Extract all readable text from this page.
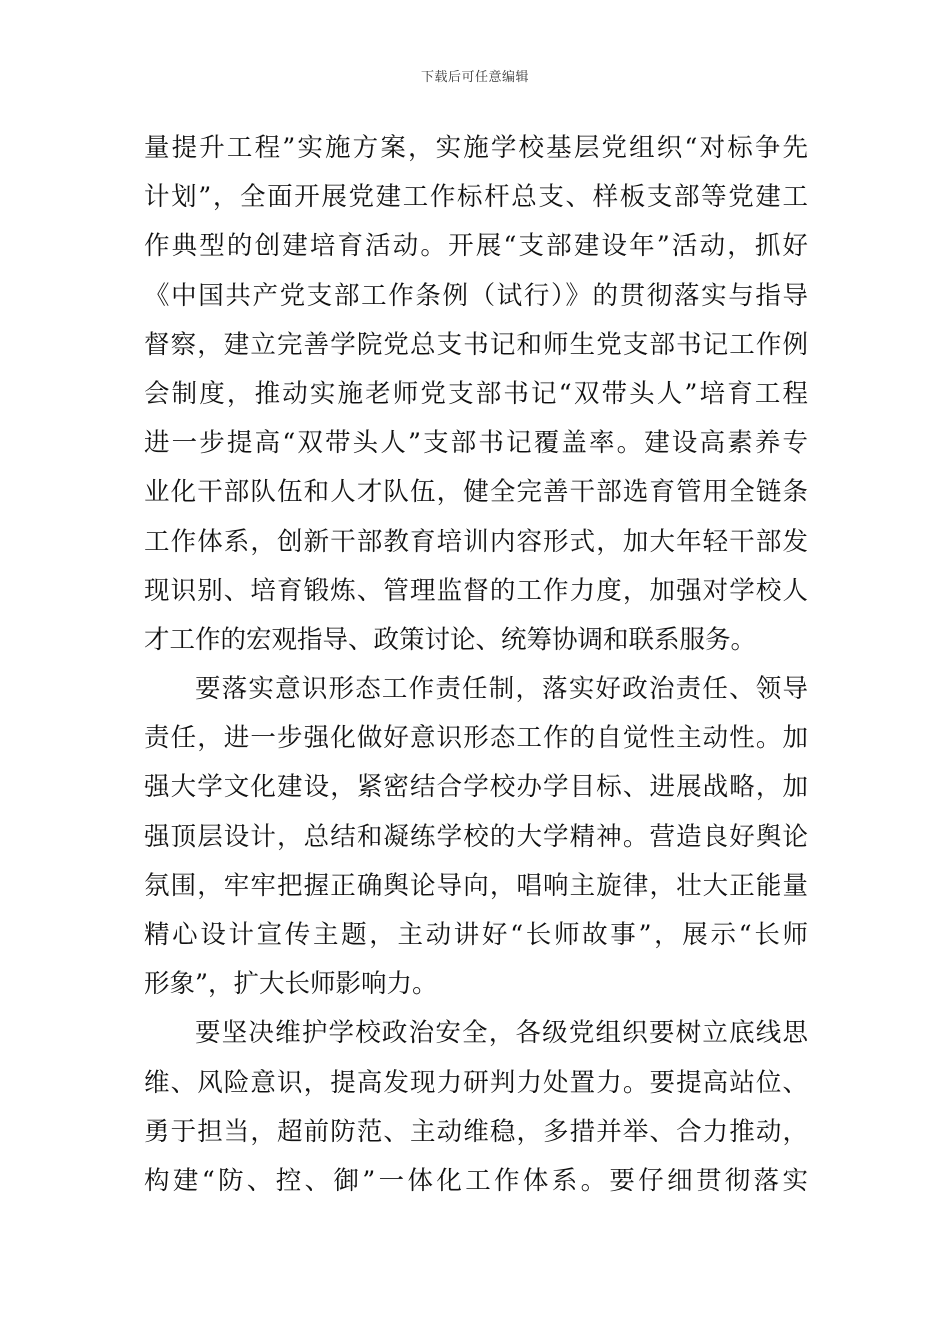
下载后可任意编辑
量提升工程”实施方案，实施学校基层党组织“对标争先
计划”，全面开展党建工作标杆总支、样板支部等党建工
作典型的创建培育活动。开展“支部建设年”活动，抓好
《中国共产党支部工作条例（试行）》的贯彻落实与指导
督察，建立完善学院党总支书记和师生党支部书记工作例
会制度，推动实施老师党支部书记“双带头人”培育工程
进一步提高“双带头人”支部书记覆盖率。建设高素养专
业化干部队伍和人才队伍，健全完善干部选育管用全链条
工作体系，创新干部教育培训内容形式，加大年轻干部发
现识别、培育锻炼、管理监督的工作力度，加强对学校人
才工作的宏观指导、政策讨论、统筹协调和联系服务。
要落实意识形态工作责任制，落实好政治责任、领导
责任，进一步强化做好意识形态工作的自觉性主动性。加
强大学文化建设，紧密结合学校办学目标、进展战略，加
强顶层设计，总结和凝练学校的大学精神。营造良好舆论
氛围，牢牢把握正确舆论导向，唱响主旋律，壮大正能量
精心设计宣传主题，主动讲好“长师故事”，展示“长师
形象”，扩大长师影响力。
要坚决维护学校政治安全，各级党组织要树立底线思
维、风险意识，提高发现力研判力处置力。要提高站位、
勇于担当，超前防范、主动维稳，多措并举、合力推动，
构建“防、控、御”一体化工作体系。要仔细贯彻落实
